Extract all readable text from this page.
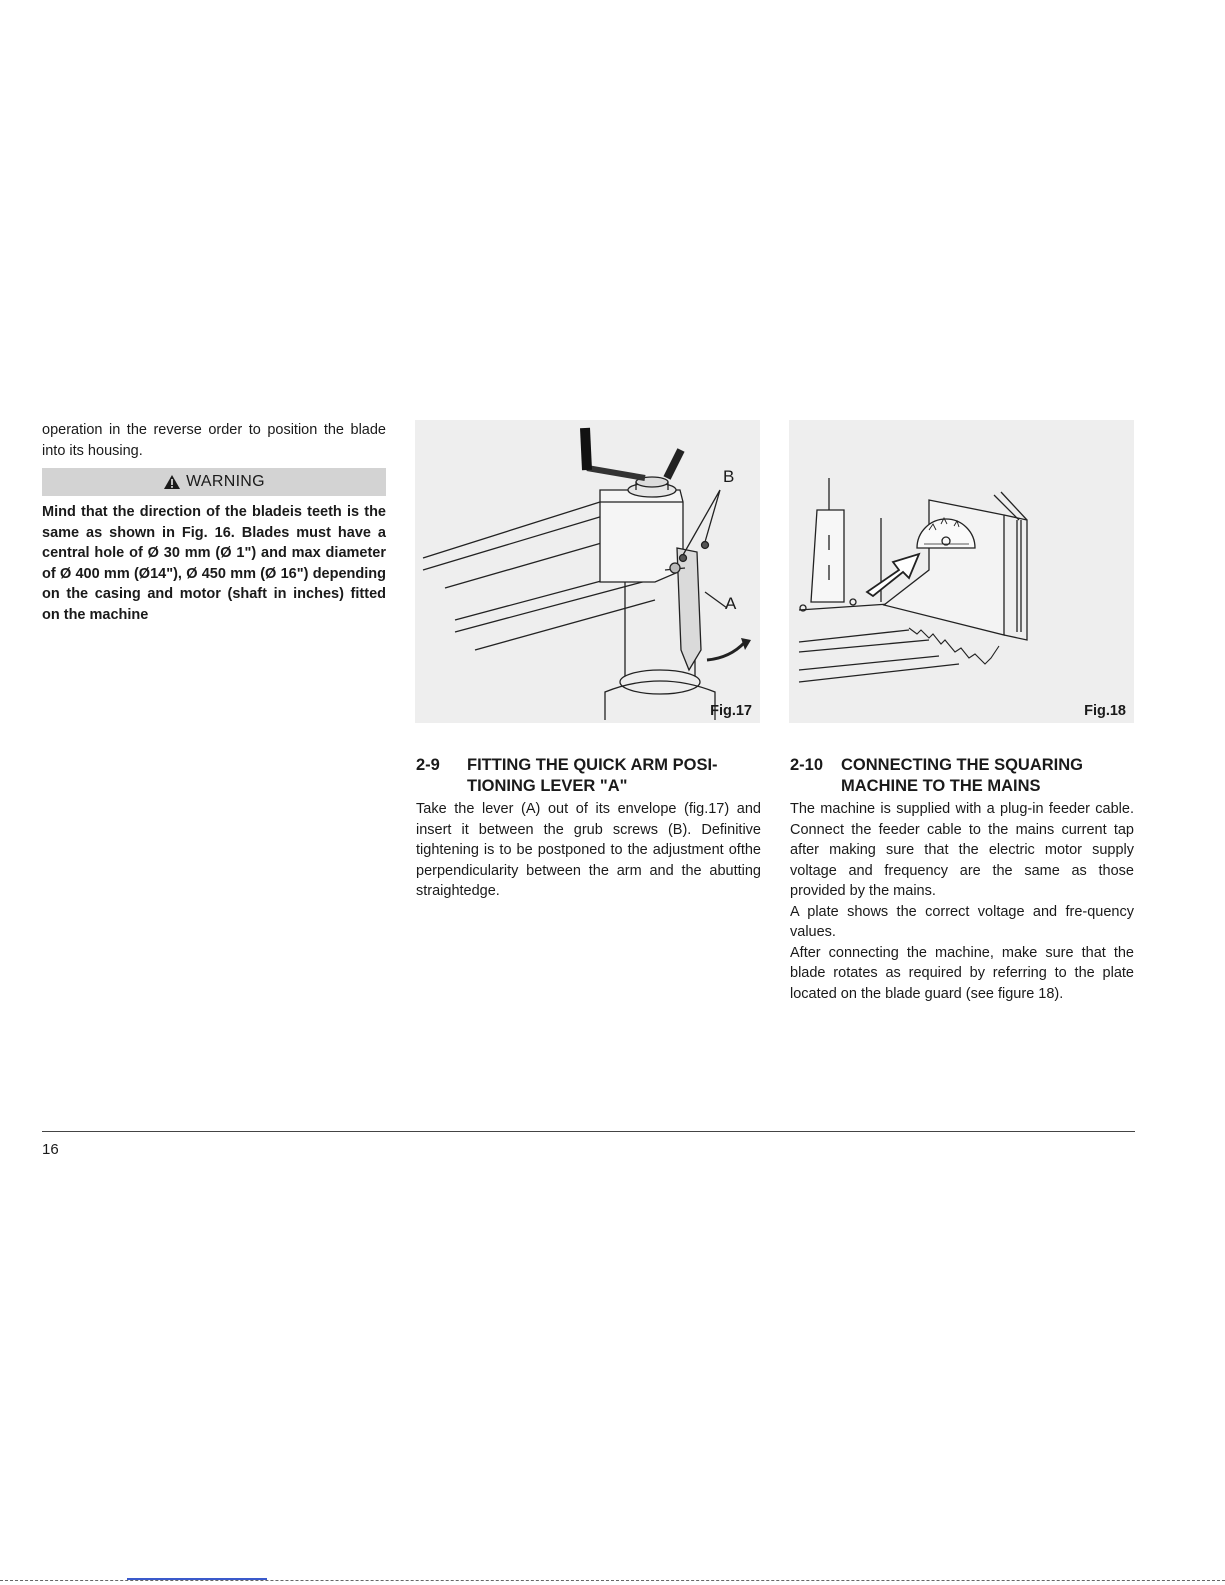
operation in the reverse order to position the blade into its housing.

WARNING

Mind that the direction of the bladeis teeth is the same as shown in Fig. 16. Blades must have a central hole of Ø 30 mm (Ø 1") and max diameter of Ø 400 mm (Ø14"), Ø 450 mm (Ø 16") depending on the casing and motor (shaft in inches) fitted on the machine

B
A
Fig.17	Fig.18
2-9	FITTING THE QUICK ARM POSI-TIONING LEVER "A"

Take the lever (A) out of its envelope (fig.17) and insert it between the grub screws (B). Definitive tightening is to be postponed to the adjustment ofthe perpendicularity between the arm and the abutting straightedge.

2-10	CONNECTING THE SQUARING MACHINE TO THE MAINS

The machine is supplied with a plug-in feeder cable. Connect the feeder cable to the mains current tap after making sure that the electric motor supply voltage and frequency are the same as those provided by the mains.

A plate shows the correct voltage and fre-quency values.

After connecting the machine, make sure that the blade rotates as required by referring to the plate located on the blade guard (see figure 18).

16
